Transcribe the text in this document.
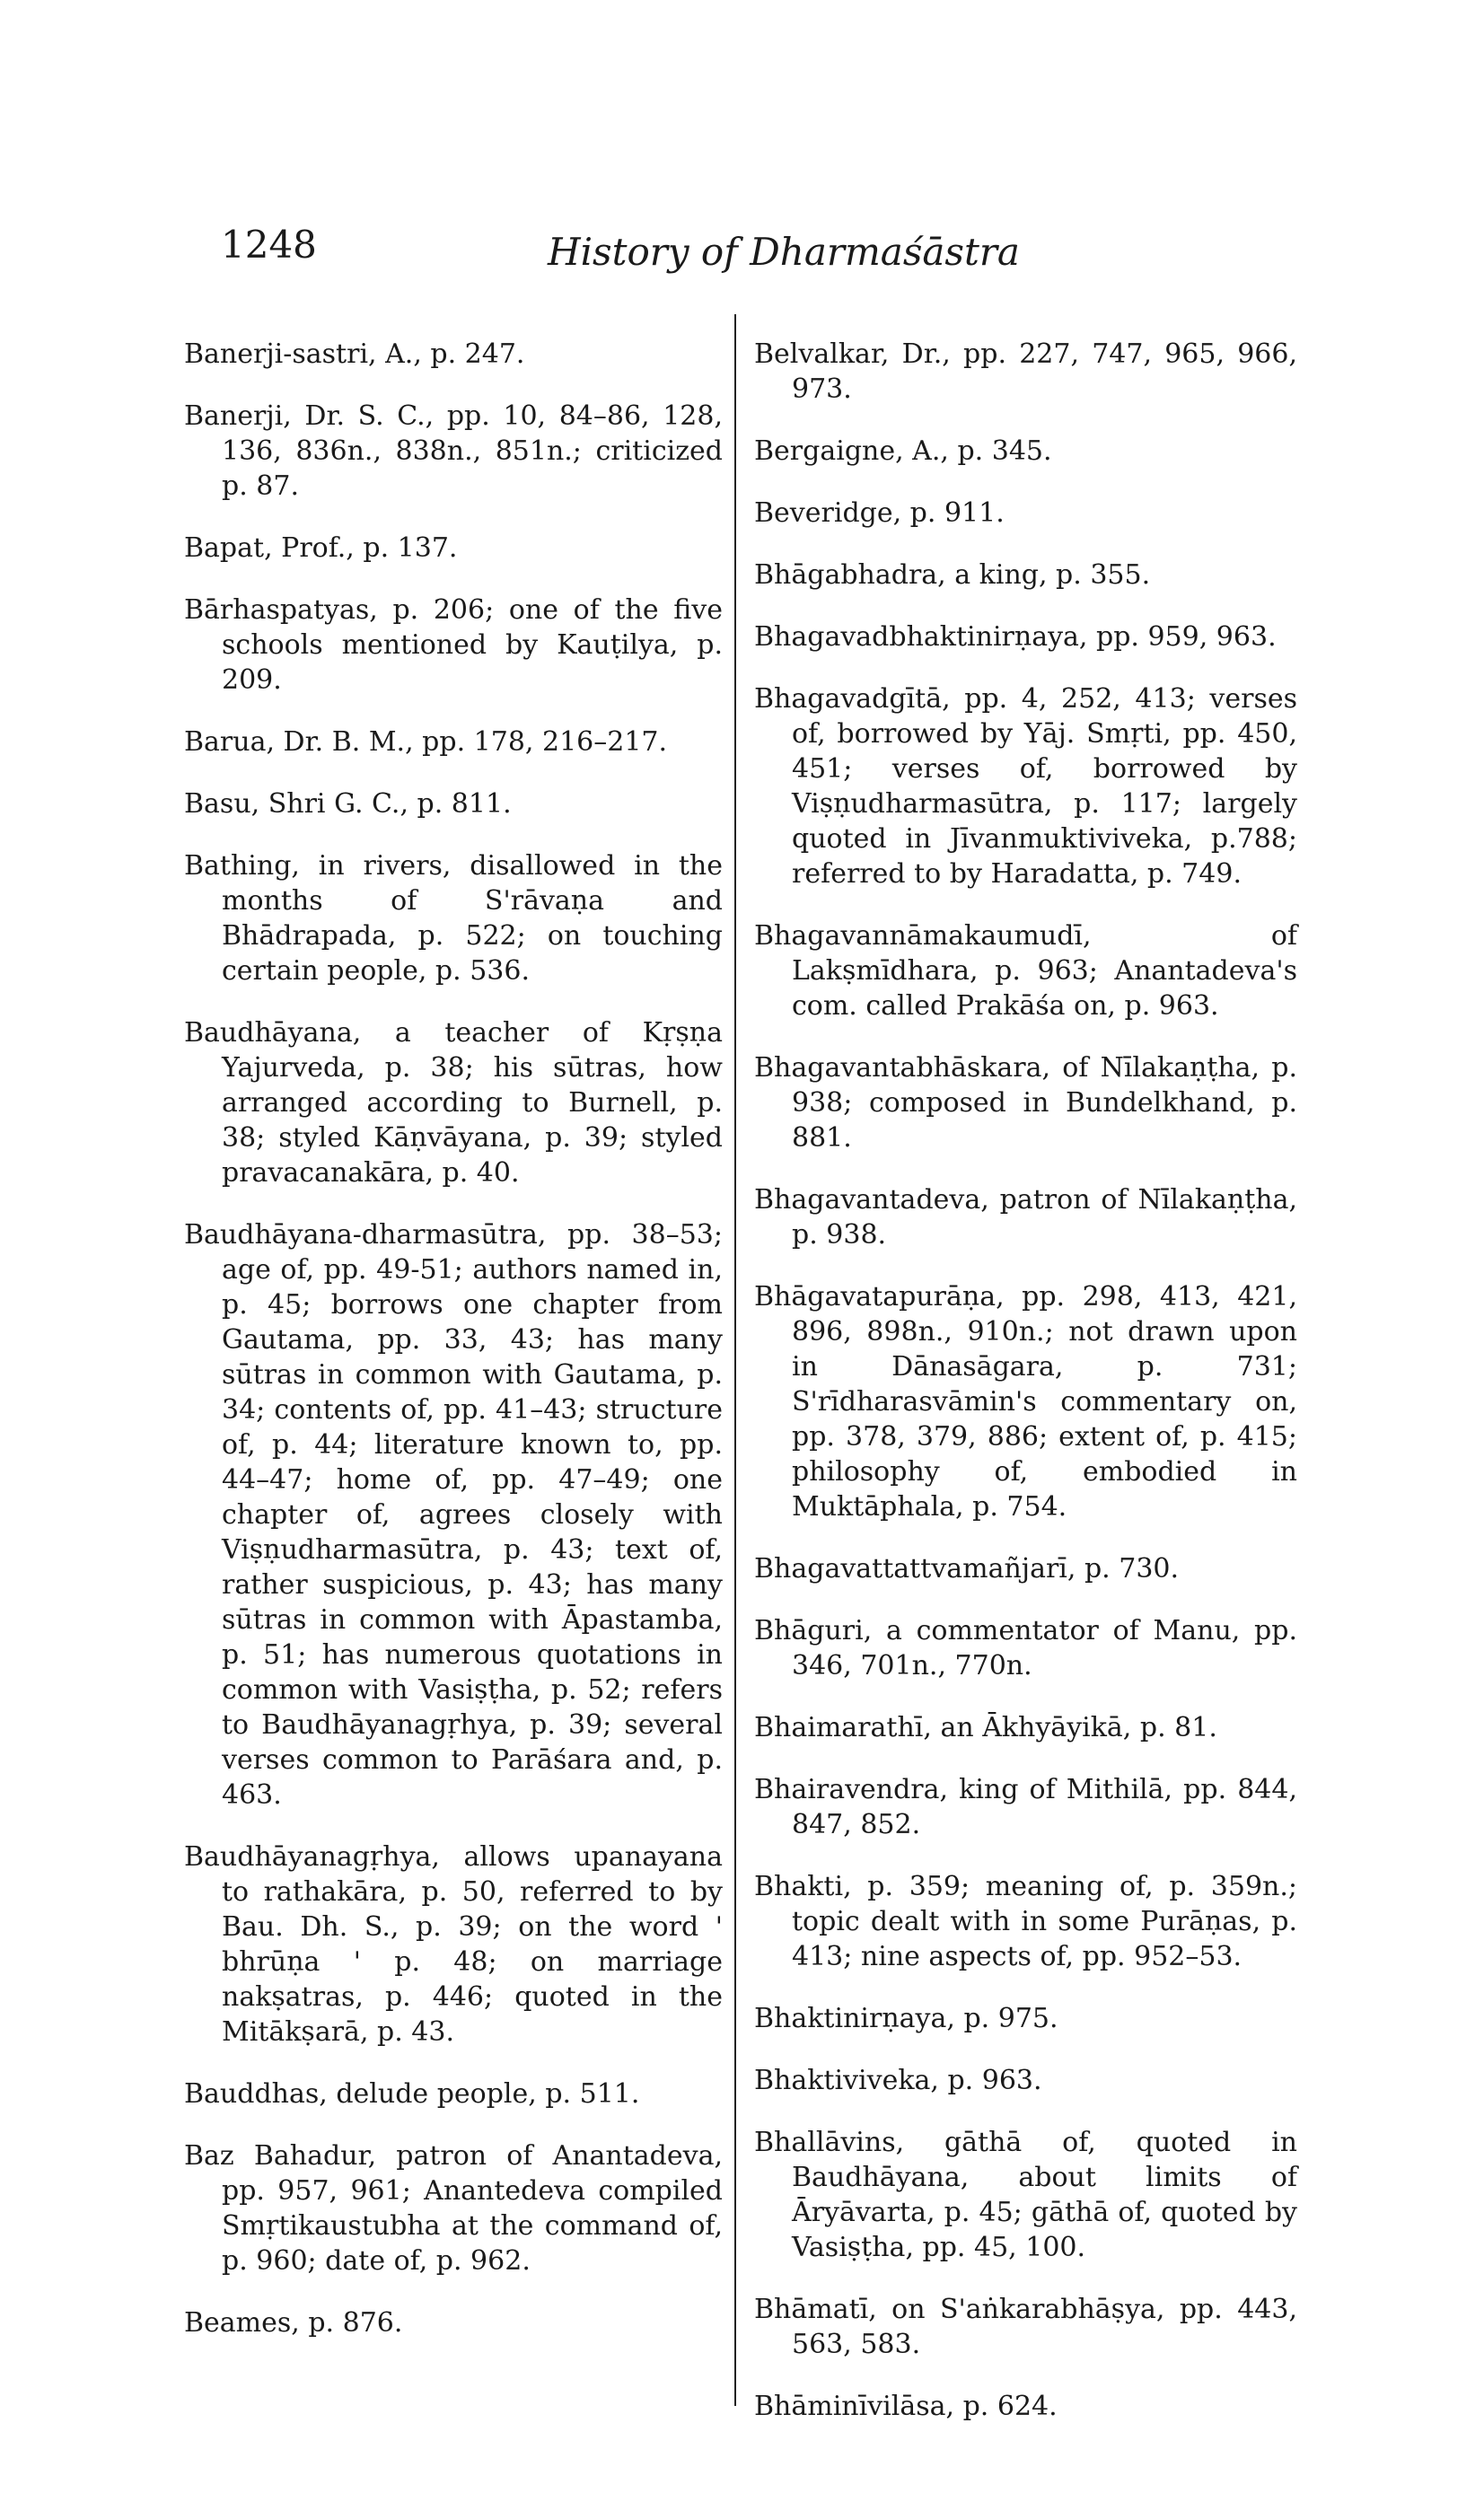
1248	History of Dharmaśāstra

Banerji-sastri, A., p. 247.

Banerji, Dr. S. C., pp. 10, 84–86, 128, 136, 836n., 838n., 851n.; criticized p. 87.

Bapat, Prof., p. 137.

Bārhaspatyas, p. 206; one of the five schools mentioned by Kauṭilya, p. 209.

Barua, Dr. B. M., pp. 178, 216–217.

Basu, Shri G. C., p. 811.

Bathing, in rivers, disallowed in the months of S'rāvaṇa and Bhādrapada, p. 522; on touching certain people, p. 536.

Baudhāyana, a teacher of Kṛṣṇa Yajurveda, p. 38; his sūtras, how arranged according to Burnell, p. 38; styled Kāṇvāyana, p. 39; styled pravacanakāra, p. 40.

Baudhāyana-dharmasūtra, pp. 38–53; age of, pp. 49-51; authors named in, p. 45; borrows one chapter from Gautama, pp. 33, 43; has many sūtras in common with Gautama, p. 34; contents of, pp. 41–43; structure of, p. 44; literature known to, pp. 44–47; home of, pp. 47–49; one chapter of, agrees closely with Viṣṇudharmasūtra, p. 43; text of, rather suspicious, p. 43; has many sūtras in common with Āpastamba, p. 51; has numerous quotations in common with Vasiṣṭha, p. 52; refers to Baudhāyanagṛhya, p. 39; several verses common to Parāśara and, p. 463.

Baudhāyanagṛhya, allows upanayana to rathakāra, p. 50, referred to by Bau. Dh. S., p. 39; on the word ' bhrūṇa ' p. 48; on marriage nakṣatras, p. 446; quoted in the Mitākṣarā, p. 43.

Bauddhas, delude people, p. 511.

Baz Bahadur, patron of Anantadeva, pp. 957, 961; Anantedeva compiled Smṛtikaustubha at the command of, p. 960; date of, p. 962.

Beames, p. 876.

Belvalkar, Dr., pp. 227, 747, 965, 966, 973.

Bergaigne, A., p. 345.

Beveridge, p. 911.

Bhāgabhadra, a king, p. 355.

Bhagavadbhaktinirṇaya, pp. 959, 963.

Bhagavadgītā, pp. 4, 252, 413; verses of, borrowed by Yāj. Smṛti, pp. 450, 451; verses of, borrowed by Viṣṇudharmasūtra, p. 117; largely quoted in Jīvanmuktiviveka, p.788; referred to by Haradatta, p. 749.

Bhagavannāmakaumudī, of Lakṣmīdhara, p. 963; Anantadeva's com. called Prakāśa on, p. 963.

Bhagavantabhāskara, of Nīlakaṇṭha, p. 938; composed in Bundelkhand, p. 881.

Bhagavantadeva, patron of Nīlakaṇṭha, p. 938.

Bhāgavatapurāṇa, pp. 298, 413, 421, 896, 898n., 910n.; not drawn upon in Dānasāgara, p. 731; S'rīdharasvāmin's commentary on, pp. 378, 379, 886; extent of, p. 415; philosophy of, embodied in Muktāphala, p. 754.

Bhagavattattvamañjarī, p. 730.

Bhāguri, a commentator of Manu, pp. 346, 701n., 770n.

Bhaimarathī, an Ākhyāyikā, p. 81.

Bhairavendra, king of Mithilā, pp. 844, 847, 852.

Bhakti, p. 359; meaning of, p. 359n.; topic dealt with in some Purāṇas, p. 413; nine aspects of, pp. 952–53.

Bhaktinirṇaya, p. 975.

Bhaktiviveka, p. 963.

Bhallāvins, gāthā of, quoted in Baudhāyana, about limits of Āryāvarta, p. 45; gāthā of, quoted by Vasiṣṭha, pp. 45, 100.

Bhāmatī, on S'aṅkarabhāṣya, pp. 443, 563, 583.

Bhāminīvilāsa, p. 624.
